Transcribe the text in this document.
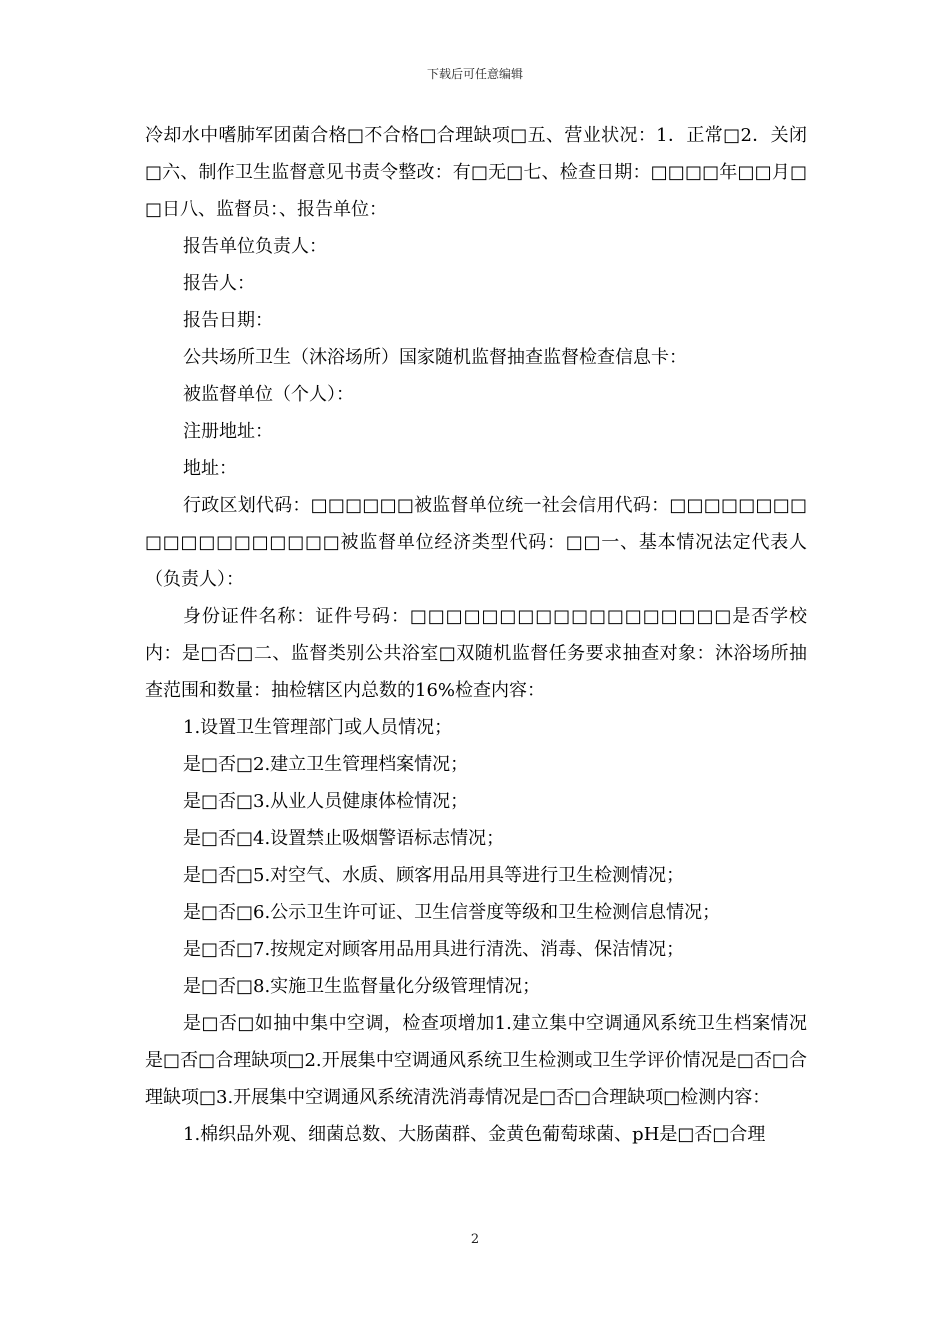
下载后可任意编辑

冷却水中嗜肺军团菌合格□不合格□合理缺项□五、营业状况：1．正常□2．关闭□六、制作卫生监督意见书责令整改：有□无□七、检查日期：□□□□年□□月□□日八、监督员：、报告单位：

报告单位负责人：

报告人：

报告日期：

公共场所卫生（沐浴场所）国家随机监督抽查监督检查信息卡：

被监督单位（个人）：

注册地址：

地址：

行政区划代码：□□□□□□被监督单位统一社会信用代码：□□□□□□□□□□□□□□□□□□□被监督单位经济类型代码：□□一、基本情况法定代表人（负责人）：

身份证件名称：证件号码：□□□□□□□□□□□□□□□□□□是否学校内：是□否□二、监督类别公共浴室□双随机监督任务要求抽查对象：沐浴场所抽查范围和数量：抽检辖区内总数的16%检查内容：

1.设置卫生管理部门或人员情况；

是□否□2.建立卫生管理档案情况；

是□否□3.从业人员健康体检情况；

是□否□4.设置禁止吸烟警语标志情况；

是□否□5.对空气、水质、顾客用品用具等进行卫生检测情况；

是□否□6.公示卫生许可证、卫生信誉度等级和卫生检测信息情况；

是□否□7.按规定对顾客用品用具进行清洗、消毒、保洁情况；

是□否□8.实施卫生监督量化分级管理情况；

是□否□如抽中集中空调，检查项增加1.建立集中空调通风系统卫生档案情况是□否□合理缺项□2.开展集中空调通风系统卫生检测或卫生学评价情况是□否□合理缺项□3.开展集中空调通风系统清洗消毒情况是□否□合理缺项□检测内容：

1.棉织品外观、细菌总数、大肠菌群、金黄色葡萄球菌、pH是□否□合理

2
